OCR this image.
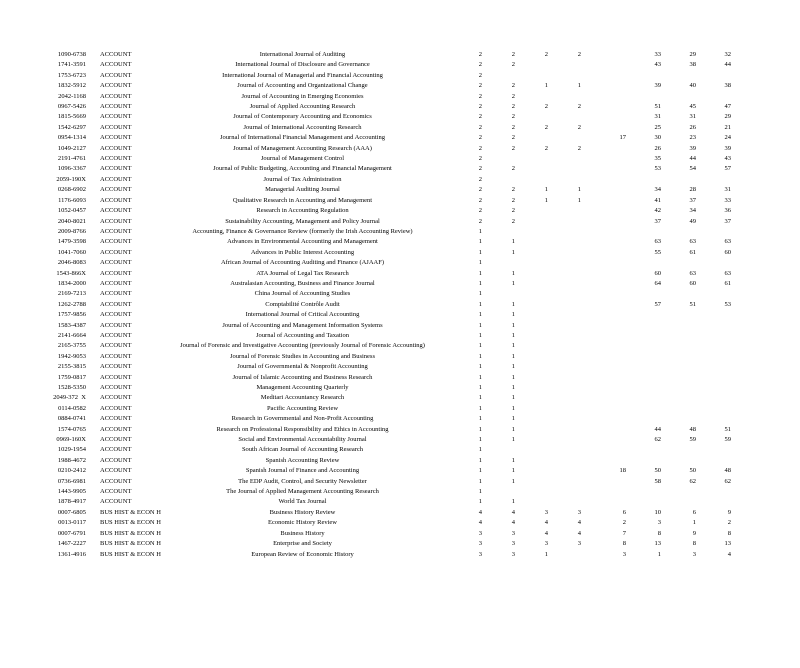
1090-6738	ACCOUNT	International Journal of Auditing	2	2	2	2		33	29	32	
1741-3591	ACCOUNT	International Journal of Disclosure and Governance	2	2				43	38	44	
1753-6723	ACCOUNT	International Journal of Managerial and Financial Accounting	2								
1832-5912	ACCOUNT	Journal of Accounting and Organizational Change	2	2	1	1		39	40	38	
2042-1168	ACCOUNT	Journal of Accounting in Emerging Economies	2	2							
0967-5426	ACCOUNT	Journal of Applied Accounting Research	2	2	2	2		51	45	47	
1815-5669	ACCOUNT	Journal of Contemporary Accounting and Economics	2	2				31	31	29	
1542-6297	ACCOUNT	Journal of International Accounting Research	2	2	2	2		25	26	21	
0954-1314	ACCOUNT	Journal of International Financial Management and Accounting	2	2			17	30	23	24	
1049-2127	ACCOUNT	Journal of Management Accounting Research (AAA)	2	2	2	2		26	39	39	
2191-4761	ACCOUNT	Journal of Management Control	2					35	44	43	
1096-3367	ACCOUNT	Journal of Public Budgeting, Accounting and Financial Management	2	2				53	54	57	
2059-190X	ACCOUNT	Journal of Tax Administration	2								
0268-6902	ACCOUNT	Managerial Auditing Journal	2	2	1	1		34	28	31	
1176-6093	ACCOUNT	Qualitative Research in Accounting and Management	2	2	1	1		41	37	33	
1052-0457	ACCOUNT	Research in Accounting Regulation	2	2				42	34	36	
2040-8021	ACCOUNT	Sustainability Accounting, Management and Policy Journal	2	2				37	49	37	
2009-8766	ACCOUNT	Accounting, Finance & Governance Review (formerly the Irish Accounting Review)	1								
1479-3598	ACCOUNT	Advances in Environmental Accounting and Management	1	1				63	63	63	
1041-7060	ACCOUNT	Advances in Public Interest Accounting	1	1				55	61	60	
2046-8083	ACCOUNT	African Journal of Accounting Auditing and Finance (AJAAF)	1								
1543-866X	ACCOUNT	ATA Journal of Legal Tax Research	1	1				60	63	63	
1834-2000	ACCOUNT	Australasian Accounting, Business and Finance Journal	1	1				64	60	61	
2169-7213	ACCOUNT	China Journal of Accounting Studies	1								
1262-2788	ACCOUNT	Comptabilité Contrôle Audit	1	1				57	51	53	
1757-9856	ACCOUNT	International Journal of Critical Accounting	1	1							
1583-4387	ACCOUNT	Journal of Accounting and Management Information Systems	1	1							
2141-6664	ACCOUNT	Journal of Accounting and Taxation	1	1							
2165-3755	ACCOUNT	Journal of Forensic and Investigative Accounting (previously Journal of Forensic Accounting)	1	1							
1942-9053	ACCOUNT	Journal of Forensic Studies in Accounting and Business	1	1							
2155-3815	ACCOUNT	Journal of Governmental & Nonprofit Accounting	1	1							
1759-0817	ACCOUNT	Journal of Islamic Accounting and Business Research	1	1							
1528-5350	ACCOUNT	Management Accounting Quarterly	1	1							
2049-372  X	ACCOUNT	Meditari Accountancy Research	1	1							
0114-0582	ACCOUNT	Pacific Accounting Review	1	1							
0884-0741	ACCOUNT	Research in Governmental and Non-Profit Accounting	1	1							
1574-0765	ACCOUNT	Research on Professional Responsibility and Ethics in Accounting	1	1				44	48	51	
0969-160X	ACCOUNT	Social and Environmental Accountability Journal	1	1				62	59	59	
1029-1954	ACCOUNT	South African Journal of Accounting Research	1								
1988-4672	ACCOUNT	Spanish Accounting Review	1	1							
0210-2412	ACCOUNT	Spanish Journal of Finance and Accounting	1	1			18	50	50	48	
0736-6981	ACCOUNT	The EDP Audit, Control, and Security Newsletter	1	1				58	62	62	
1443-9905	ACCOUNT	The Journal of Applied Management Accounting Research	1								
1878-4917	ACCOUNT	World Tax Journal	1	1							
0007-6805	BUS HIST & ECON H	Business History Review	4	4	3	3	6	10	6	9	
0013-0117	BUS HIST & ECON H	Economic History Review	4	4	4	4	2	3	1	2	
0007-6791	BUS HIST & ECON H	Business History	3	3	4	4	7	8	9	8	
1467-2227	BUS HIST & ECON H	Enterprise and Society	3	3	3	3	8	13	8	13	
1361-4916	BUS HIST & ECON H	European Review of Economic History	3	3	1		3	1	3	4	
